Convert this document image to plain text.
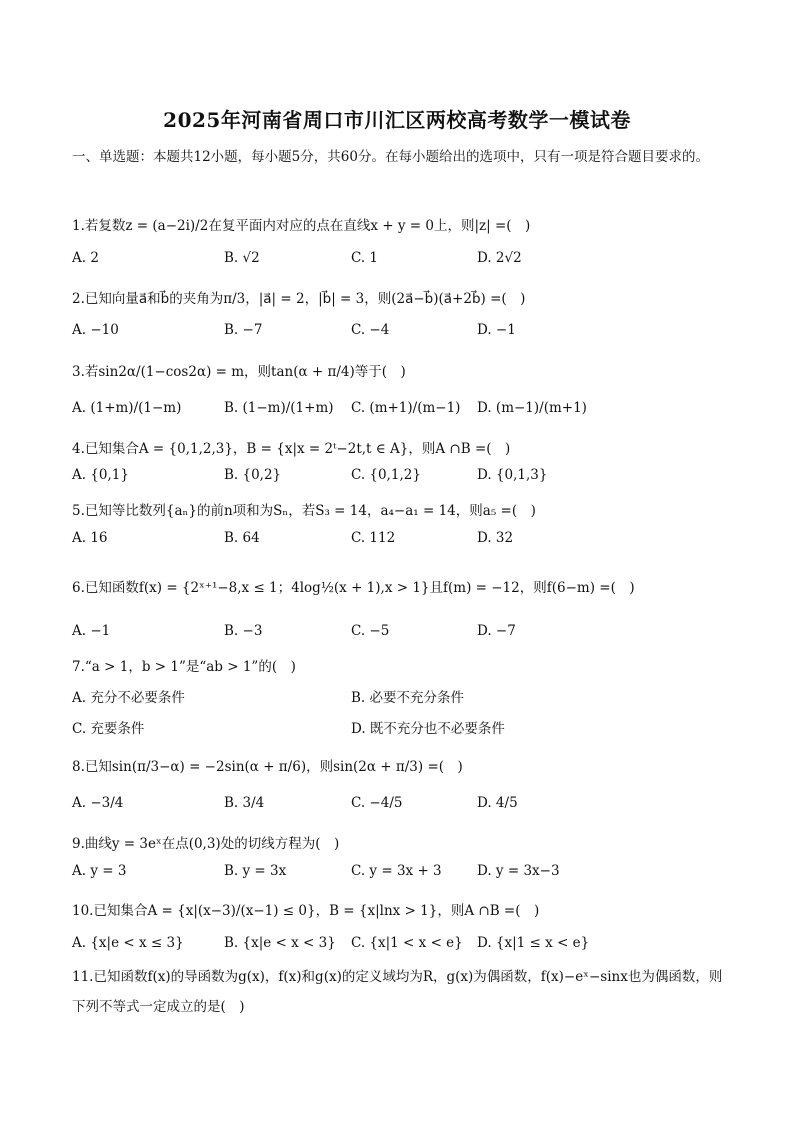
2025年河南省周口市川汇区两校高考数学一模试卷
一、单选题：本题共12小题，每小题5分，共60分。在每小题给出的选项中，只有一项是符合题目要求的。
1.若复数z = (a−2i)/2在复平面内对应的点在直线x + y = 0上，则|z| =(　)
A. 2	B. √2	C. 1	D. 2√2
2.已知向量a⃗和b⃗的夹角为π/3，|a⃗| = 2，|b⃗| = 3，则(2a⃗−b⃗)(a⃗+2b⃗) =(　)
A. −10	B. −7	C. −4	D. −1
3.若sin2α/(1−cos2α) = m，则tan(α + π/4)等于(　)
A. (1+m)/(1−m)	B. (1−m)/(1+m) C. (m+1)/(m−1) D. (m−1)/(m+1)
4.已知集合A = {0,1,2,3}，B = {x|x = 2ᵗ−2t,t ∈ A}，则A ∩B =(　)
A. {0,1}	B. {0,2}	C. {0,1,2}	D. {0,1,3}
5.已知等比数列{aₙ}的前n项和为Sₙ，若S₃ = 14，a₄−a₁ = 14，则a₅ =(　)
A. 16	B. 64	C. 112	D. 32
6.已知函数f(x) = {2ˣ⁺¹−8,x ≤ 1；4log½(x + 1),x > 1}且f(m) = −12，则f(6−m) =(　)
A. −1	B. −3	C. −5	D. −7
7.“a > 1，b > 1”是“ab > 1”的(　)
A. 充分不必要条件	B. 必要不充分条件
C. 充要条件	D. 既不充分也不必要条件
8.已知sin(π/3−α) = −2sin(α + π/6)，则sin(2α + π/3) =(　)
A. −3/4	B. 3/4	C. −4/5	D. 4/5
9.曲线y = 3eˣ在点(0,3)处的切线方程为(　)
A. y = 3	B. y = 3x	C. y = 3x + 3	D. y = 3x−3
10.已知集合A = {x|(x−3)/(x−1) ≤ 0}，B = {x|lnx > 1}，则A ∩B =(　)
A. {x|e < x ≤ 3}	B. {x|e < x < 3} C. {x|1 < x < e} D. {x|1 ≤ x < e}
11.已知函数f(x)的导函数为g(x)，f(x)和g(x)的定义域均为R，g(x)为偶函数，f(x)−eˣ−sinx也为偶函数，则下列不等式一定成立的是(　)
